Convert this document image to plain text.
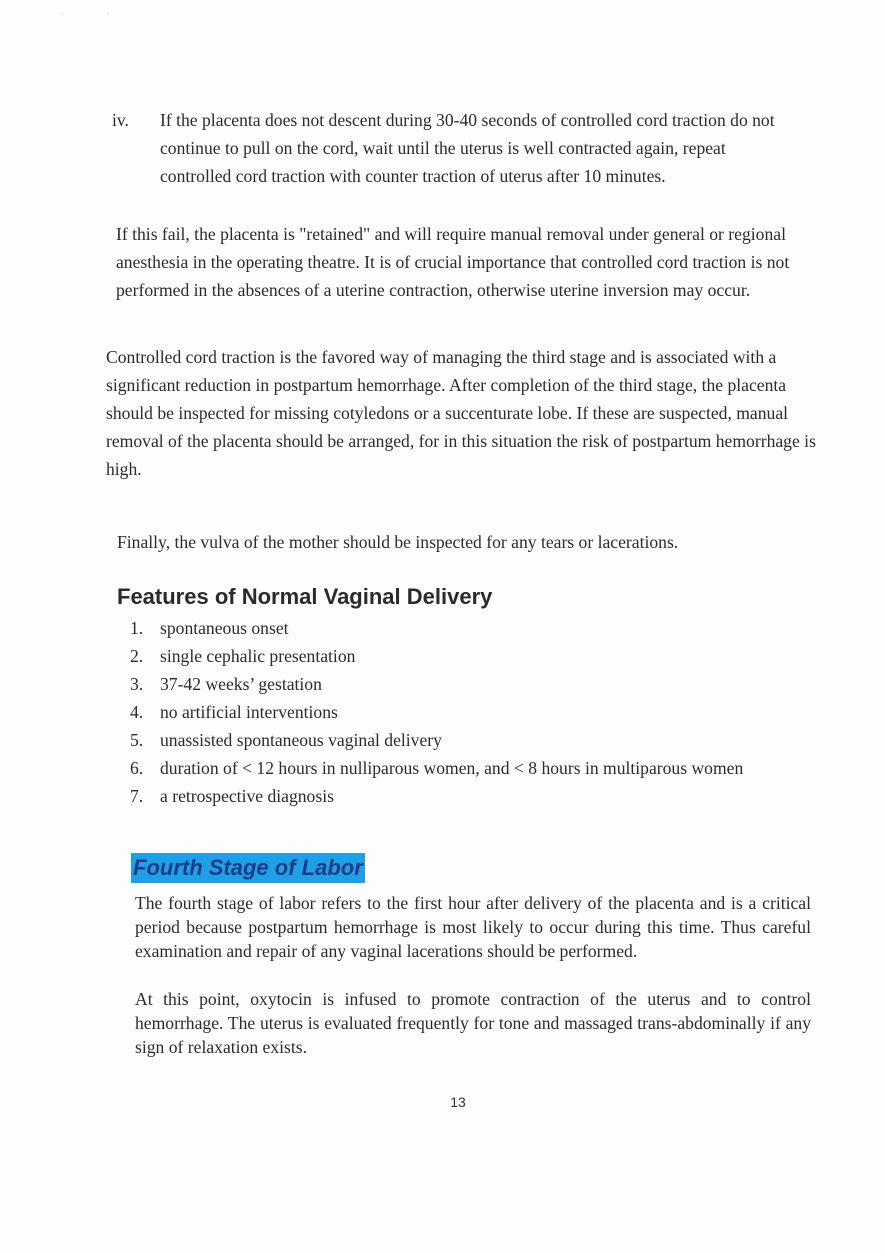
· ·
iv. If the placenta does not descent during 30-40 seconds of controlled cord traction do not continue to pull on the cord, wait until the uterus is well contracted again, repeat controlled cord traction with counter traction of uterus after 10 minutes.

If this fail, the placenta is "retained" and will require manual removal under general or regional anesthesia in the operating theatre. It is of crucial importance that controlled cord traction is not performed in the absences of a uterine contraction, otherwise uterine inversion may occur.

Controlled cord traction is the favored way of managing the third stage and is associated with a significant reduction in postpartum hemorrhage. After completion of the third stage, the placenta should be inspected for missing cotyledons or a succenturate lobe. If these are suspected, manual removal of the placenta should be arranged, for in this situation the risk of postpartum hemorrhage is high.

Finally, the vulva of the mother should be inspected for any tears or lacerations.

Features of Normal Vaginal Delivery
1. spontaneous onset
2. single cephalic presentation
3. 37-42 weeks’ gestation
4. no artificial interventions
5. unassisted spontaneous vaginal delivery
6. duration of < 12 hours in nulliparous women, and < 8 hours in multiparous women
7. a retrospective diagnosis
Fourth Stage of Labor

The fourth stage of labor refers to the first hour after delivery of the placenta and is a critical period because postpartum hemorrhage is most likely to occur during this time. Thus careful examination and repair of any vaginal lacerations should be performed.

At this point, oxytocin is infused to promote contraction of the uterus and to control hemorrhage. The uterus is evaluated frequently for tone and massaged trans-abdominally if any sign of relaxation exists.

13
